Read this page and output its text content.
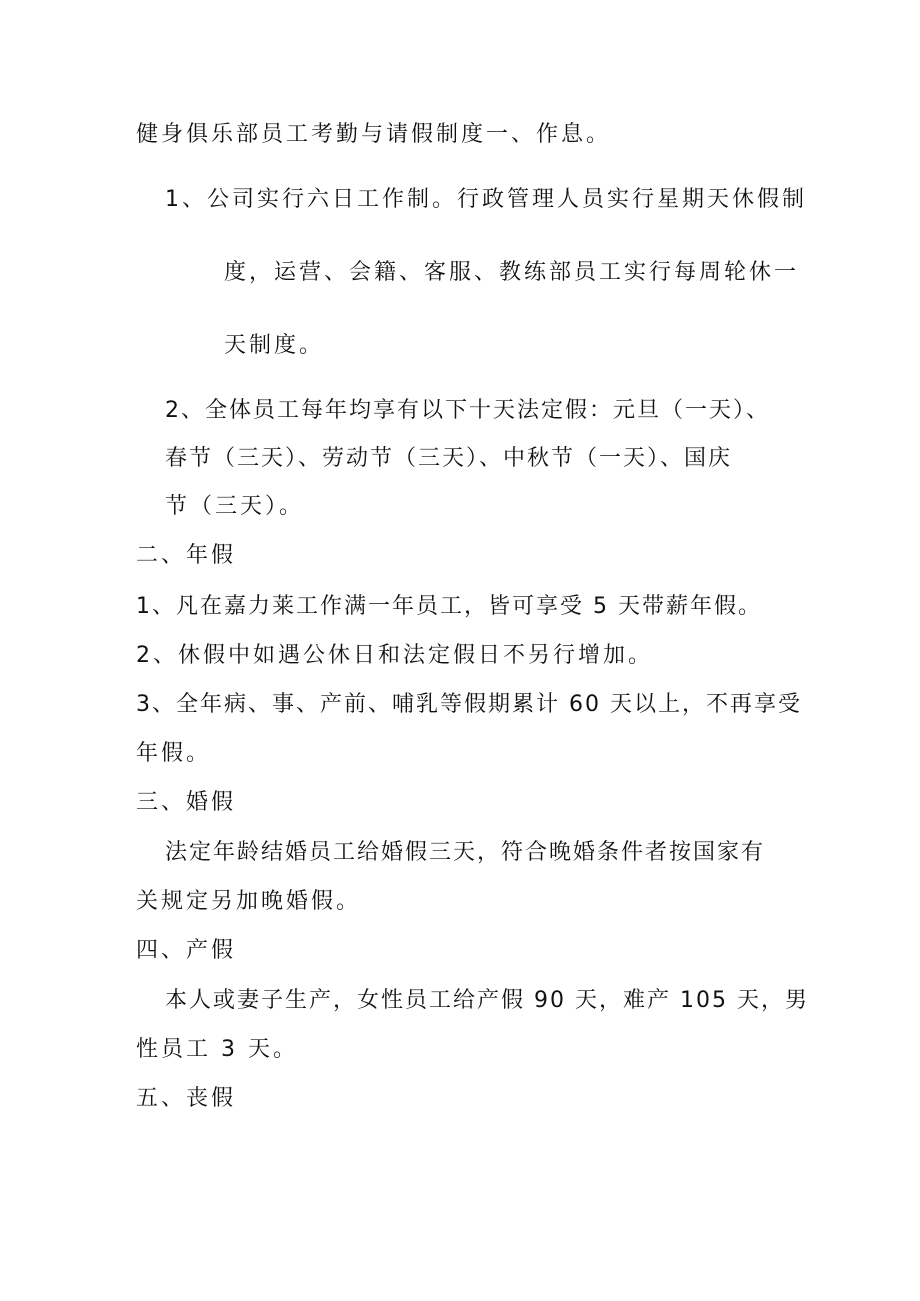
健身俱乐部员工考勤与请假制度一、作息。
1、公司实行六日工作制。行政管理人员实行星期天休假制
度，运营、会籍、客服、教练部员工实行每周轮休一
天制度。
2、全体员工每年均享有以下十天法定假：元旦（一天）、
春节（三天）、劳动节（三天）、中秋节（一天）、国庆
节（三天）。
二、年假
1、凡在嘉力莱工作满一年员工，皆可享受 5 天带薪年假。
2、休假中如遇公休日和法定假日不另行增加。
3、全年病、事、产前、哺乳等假期累计 60 天以上，不再享受
年假。
三、婚假
法定年龄结婚员工给婚假三天，符合晚婚条件者按国家有
关规定另加晚婚假。
四、产假
本人或妻子生产，女性员工给产假 90 天，难产 105 天，男
性员工 3 天。
五、丧假
